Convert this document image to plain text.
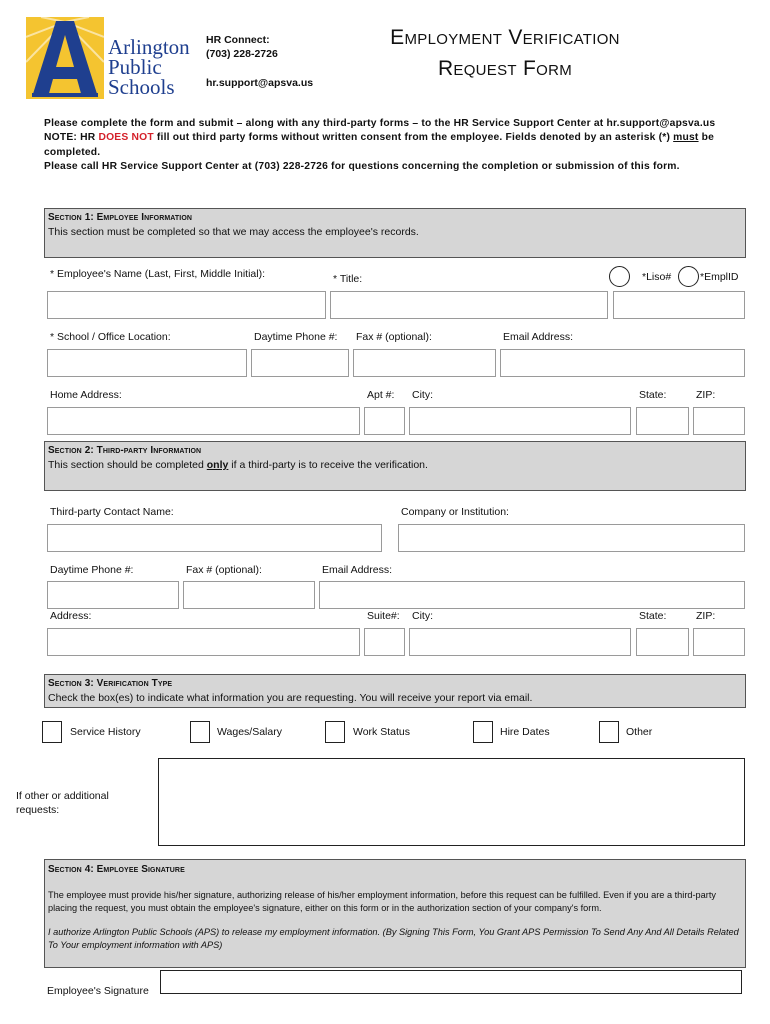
Arlington
Public
Schools
HR Connect:
(703) 228-2726
hr.support@apsva.us
Employment Verification
Request Form
Please complete the form and submit – along with any third-party forms – to the HR Service Support Center at hr.support@apsva.us NOTE: HR DOES NOT fill out third party forms without written consent from the employee. Fields denoted by an asterisk (*) must be completed.
Please call HR Service Support Center at (703) 228-2726 for questions concerning the completion or submission of this form.
Section 1: Employee Information
This section must be completed so that we may access the employee's records.
* Employee's Name (Last, First, Middle Initial):	* Title:	*Liso#	*EmplID
* School / Office Location:	Daytime Phone #: Fax # (optional):	Email Address:
Home Address:	Apt #: City:	State:	ZIP:
Section 2: Third-party Information
This section should be completed only if a third-party is to receive the verification.
Third-party Contact Name:	Company or Institution:
Daytime Phone #:	Fax # (optional):	Email Address:
Address:	Suite#: City:	State:	ZIP:
Section 3: Verification Type
Check the box(es) to indicate what information you are requesting. You will receive your report via email.
Service History	Wages/Salary	Work Status	Hire Dates	Other
If other or additional requests:
Section 4: Employee Signature
The employee must provide his/her signature, authorizing release of his/her employment information, before this request can be fulfilled. Even if you are a third-party placing the request, you must obtain the employee's signature, either on this form or in the authorization section of your company's form.
I authorize Arlington Public Schools (APS) to release my employment information. (By Signing This Form, You Grant APS Permission To Send Any And All Details Related To Your employment information with APS)
Employee's Signature
